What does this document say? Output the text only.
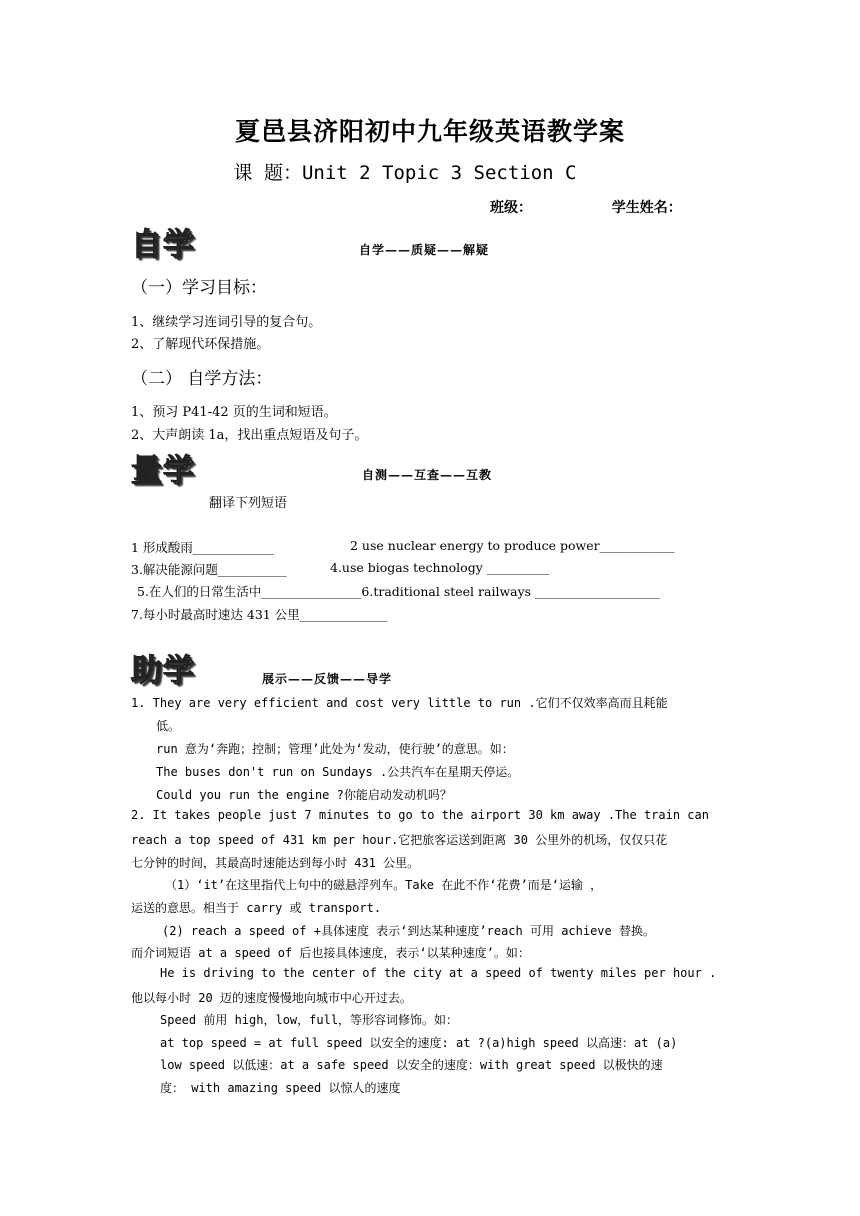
夏邑县济阳初中九年级英语教学案
课 题：Unit 2 Topic 3 Section C
班级：	学生姓名：
自学	自学——质疑——解疑
（一）学习目标：
1、继续学习连词引导的复合句。
2、了解现代环保措施。
（二） 自学方法：
1、预习 P41-42 页的生词和短语。
2、大声朗读 1a，找出重点短语及句子。
量学	自测——互查——互教
翻译下列短语
1 形成酸雨_____________	2 use nuclear energy to produce power____________
3.解决能源问题___________	4.use biogas technology __________
5.在人们的日常生活中________________6.traditional steel railways ____________________
7.每小时最高时速达 431 公里______________
助学	展示——反馈——导学
1. They are very efficient and cost very little to run .它们不仅效率高而且耗能
低。
run 意为‘奔跑；控制；管理’此处为‘发动，使行驶’的意思。如：
The buses don't run on Sundays .公共汽车在星期天停运。
Could you run the engine ?你能启动发动机吗？
2. It takes people just 7 minutes to go to the airport 30 km away .The train can
reach a top speed of 431 km per hour.它把旅客运送到距离 30 公里外的机场，仅仅只花
七分钟的时间，其最高时速能达到每小时 431 公里。
（1）‘it’在这里指代上句中的磁悬浮列车。Take 在此不作‘花费’而是‘运输 ，
运送的意思。相当于 carry 或 transport.
(2) reach a speed of +具体速度 表示‘到达某种速度’reach 可用 achieve 替换。
而介词短语 at a speed of 后也接具体速度，表示‘以某种速度’。如：
He is driving to the center of the city at a speed of twenty miles per hour .
他以每小时 20 迈的速度慢慢地向城市中心开过去。
Speed 前用 high，low，full，等形容词修饰。如：
at top speed = at full speed 以安全的速度: at ?(a)high speed 以高速：at (a)
low speed 以低速：at a safe speed 以安全的速度：with great speed 以极快的速
度： with amazing speed 以惊人的速度
